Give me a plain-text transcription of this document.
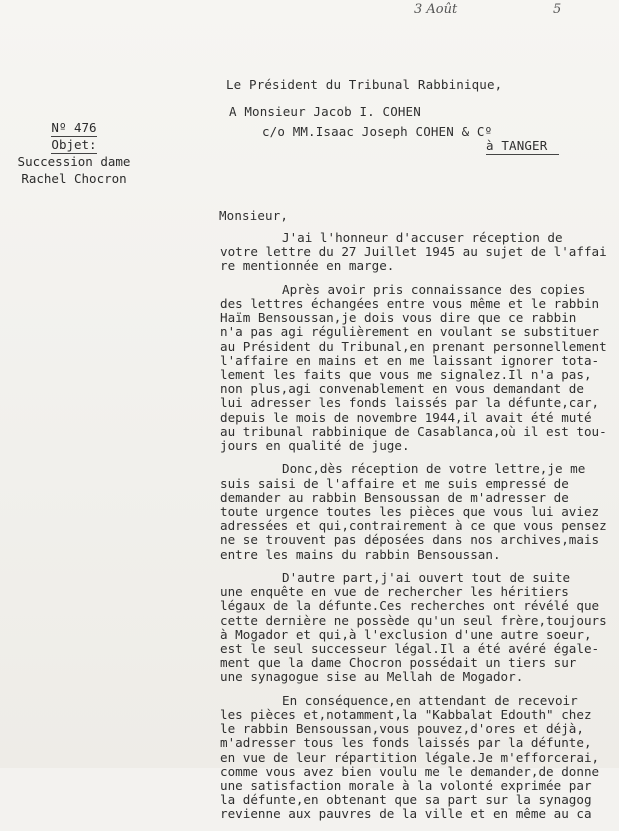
3 Août	5
Le Président du Tribunal Rabbinique,
A Monsieur Jacob I. COHEN
c/o MM.Isaac Joseph COHEN & Cº
à TANGER
Nº 476
Objet:
Succession dame
Rachel Chocron
Monsieur,

J'ai l'honneur d'accuser réception de
votre lettre du 27 Juillet 1945 au sujet de l'affai
re mentionnée en marge.

Après avoir pris connaissance des copies
des lettres échangées entre vous même et le rabbin
Haïm Bensoussan,je dois vous dire que ce rabbin
n'a pas agi régulièrement en voulant se substituer
au Président du Tribunal,en prenant personnellement
l'affaire en mains et en me laissant ignorer tota-
lement les faits que vous me signalez.Il n'a pas,
non plus,agi convenablement en vous demandant de
lui adresser les fonds laissés par la défunte,car,
depuis le mois de novembre 1944,il avait été muté
au tribunal rabbinique de Casablanca,où il est tou-
jours en qualité de juge.

Donc,dès réception de votre lettre,je me
suis saisi de l'affaire et me suis empressé de
demander au rabbin Bensoussan de m'adresser de
toute urgence toutes les pièces que vous lui aviez
adressées et qui,contrairement à ce que vous pensez
ne se trouvent pas déposées dans nos archives,mais
entre les mains du rabbin Bensoussan.

D'autre part,j'ai ouvert tout de suite
une enquête en vue de rechercher les héritiers
légaux de la défunte.Ces recherches ont révélé que
cette dernière ne possède qu'un seul frère,toujours
à Mogador et qui,à l'exclusion d'une autre soeur,
est le seul successeur légal.Il a été avéré égale-
ment que la dame Chocron possédait un tiers sur
une synagogue sise au Mellah de Mogador.

En conséquence,en attendant de recevoir
les pièces et,notamment,la "Kabbalat Edouth" chez
le rabbin Bensoussan,vous pouvez,d'ores et déjà,
m'adresser tous les fonds laissés par la défunte,
en vue de leur répartition légale.Je m'efforcerai,
comme vous avez bien voulu me le demander,de donne
une satisfaction morale à la volonté exprimée par
la défunte,en obtenant que sa part sur la synagog
revienne aux pauvres de la ville et en même au ca
